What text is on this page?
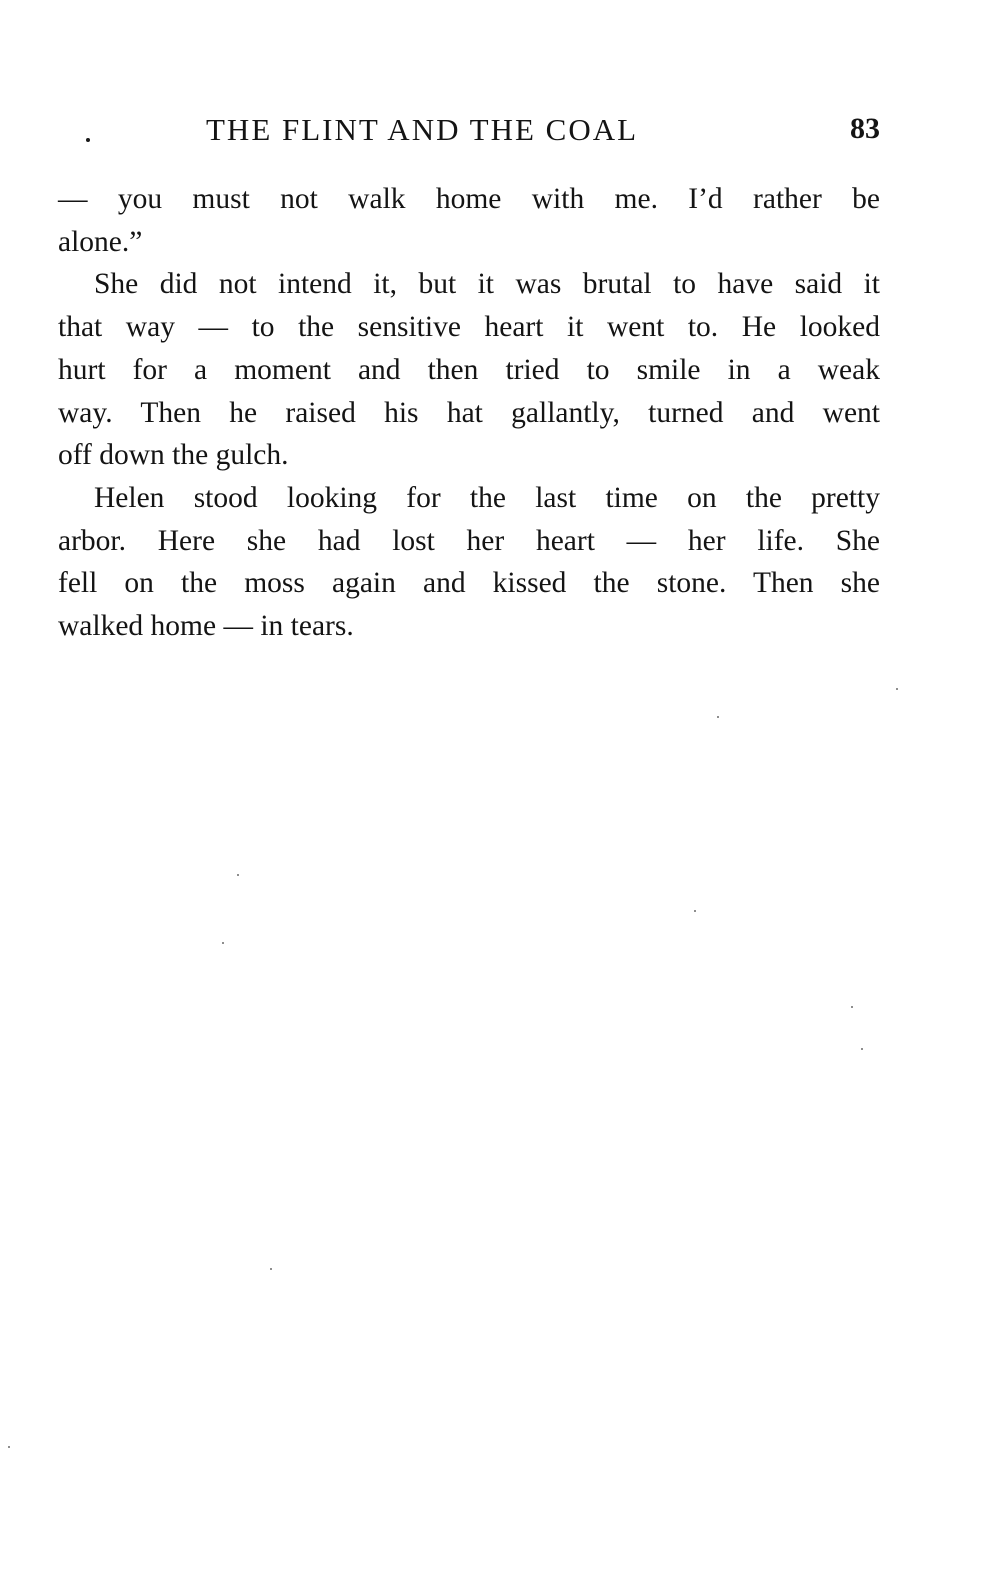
THE FLINT AND THE COAL	83

— you must not walk home with me. I’d rather be
alone.”

She did not intend it, but it was brutal to have said it
that way — to the sensitive heart it went to. He looked
hurt for a moment and then tried to smile in a weak
way. Then he raised his hat gallantly, turned and went
off down the gulch.

Helen stood looking for the last time on the pretty
arbor. Here she had lost her heart — her life. She
fell on the moss again and kissed the stone. Then she
walked home — in tears.
